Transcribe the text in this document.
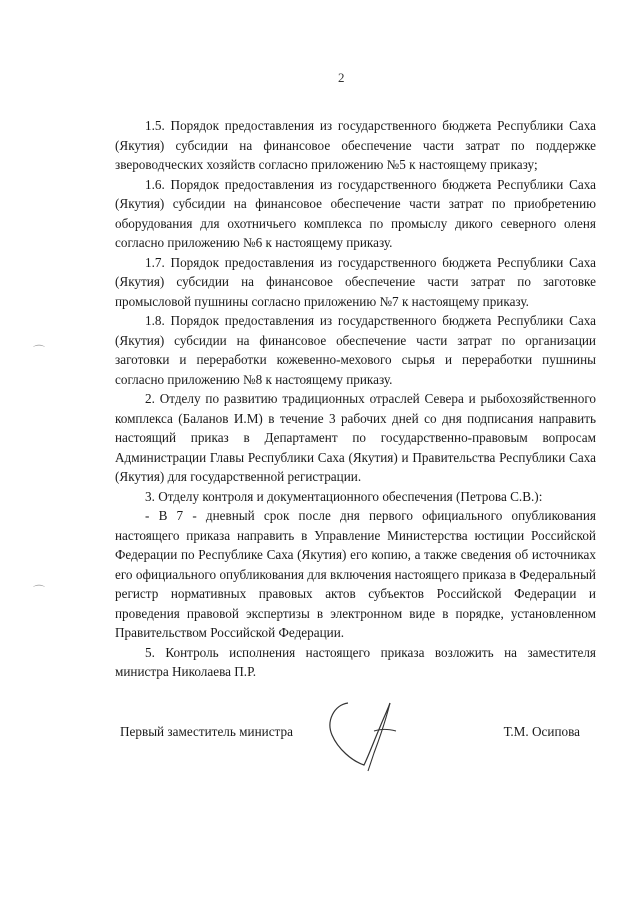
2
⌒
⌒

1.5. Порядок предоставления из государственного бюджета Республики Саха (Якутия) субсидии на финансовое обеспечение части затрат по поддержке звероводческих хозяйств согласно приложению №5 к настоящему приказу;

1.6. Порядок предоставления из государственного бюджета Республики Саха (Якутия) субсидии на финансовое обеспечение части затрат по приобретению оборудования для охотничьего комплекса по промыслу дикого северного оленя согласно приложению №6 к настоящему приказу.

1.7. Порядок предоставления из государственного бюджета Республики Саха (Якутия) субсидии на финансовое обеспечение части затрат по заготовке промысловой пушнины согласно приложению №7 к настоящему приказу.

1.8. Порядок предоставления из государственного бюджета Республики Саха (Якутия) субсидии на финансовое обеспечение части затрат по организации заготовки и переработки кожевенно-мехового сырья и переработки пушнины согласно приложению №8 к настоящему приказу.

2. Отделу по развитию традиционных отраслей Севера и рыбохозяйственного комплекса (Баланов И.М) в течение 3 рабочих дней со дня подписания направить настоящий приказ в Департамент по государственно-правовым вопросам Администрации Главы Республики Саха (Якутия) и Правительства Республики Саха (Якутия) для государственной регистрации.

3. Отделу контроля и документационного обеспечения (Петрова С.В.):

- В 7 - дневный срок после дня первого официального опубликования настоящего приказа направить в Управление Министерства юстиции Российской Федерации по Республике Саха (Якутия) его копию, а также сведения об источниках его официального опубликования для включения настоящего приказа в Федеральный регистр нормативных правовых актов субъектов Российской Федерации и проведения правовой экспертизы в электронном виде в порядке, установленном Правительством Российской Федерации.

5. Контроль исполнения настоящего приказа возложить на заместителя министра Николаева П.Р.

Первый заместитель министра	Т.М. Осипова
